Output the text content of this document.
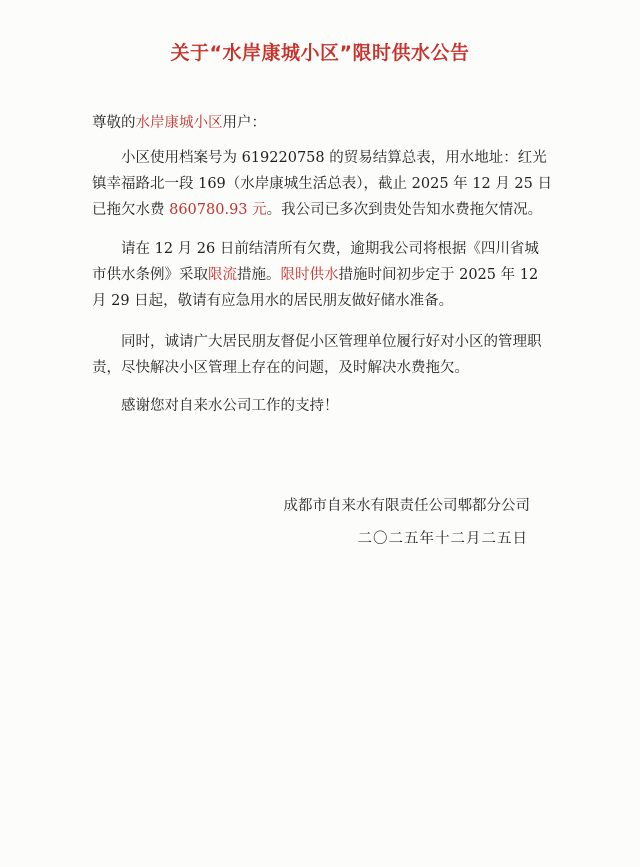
关于“水岸康城小区”限时供水公告
尊敬的水岸康城小区用户：
小区使用档案号为 619220758 的贸易结算总表，用水地址：红光镇幸福路北一段 169（水岸康城生活总表），截止 2025 年 12 月 25 日已拖欠水费 860780.93 元。我公司已多次到贵处告知水费拖欠情况。
请在 12 月 26 日前结清所有欠费，逾期我公司将根据《四川省城市供水条例》采取限流措施。限时供水措施时间初步定于 2025 年 12 月 29 日起，敬请有应急用水的居民朋友做好储水准备。
同时，诚请广大居民朋友督促小区管理单位履行好对小区的管理职责，尽快解决小区管理上存在的问题，及时解决水费拖欠。
感谢您对自来水公司工作的支持！
成都市自来水有限责任公司郫都分公司
二〇二五年十二月二五日
